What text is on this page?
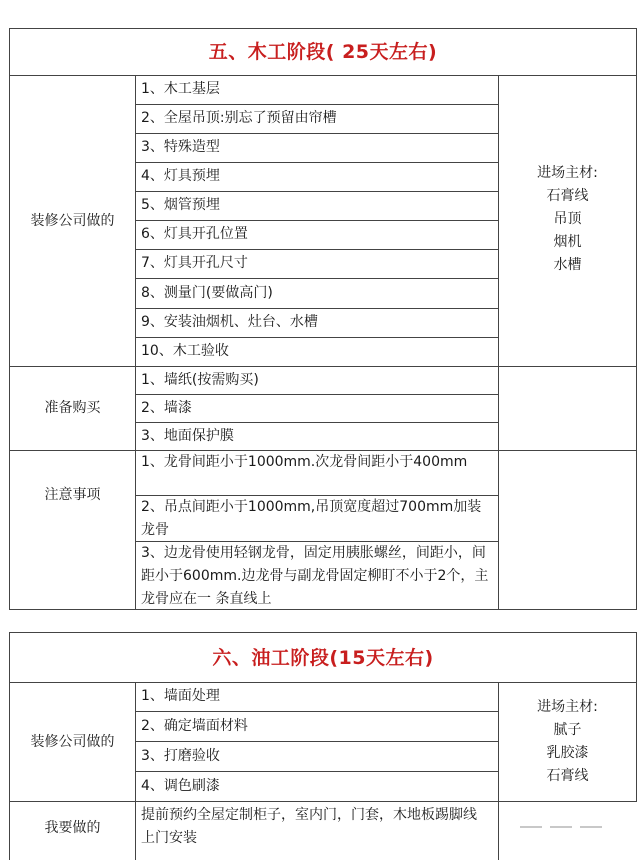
五、木工阶段( 25天左右)
装修公司做的
1、木工基层
2、全屋吊顶:别忘了预留由帘槽
3、特殊造型
4、灯具预埋
5、烟管预埋
6、灯具开孔位置
7、灯具开孔尺寸
8、测量门(要做高门)
9、安装油烟机、灶台、水槽
10、木工验收
进场主材:
石膏线
吊顶
烟机
水槽
准备购买
1、墙纸(按需购买)
2、墙漆
3、地面保护膜
注意事项
1、龙骨间距小于1000mm.次龙骨间距小于400mm
2、吊点间距小于1000mm,吊顶宽度超过700mm加装龙骨
3、边龙骨使用轻钢龙骨，固定用胰胀螺丝，间距小，间距小于600mm.边龙骨与副龙骨固定柳盯不小于2个，主龙骨应在一 条直线上
六、油工阶段(15天左右)
装修公司做的
1、墙面处理
2、确定墙面材料
3、打磨验收
4、调色刷漆
进场主材:
腻子
乳胶漆
石膏线
我要做的
提前预约全屋定制柜子，室内门，门套，木地板踢脚线上门安装
